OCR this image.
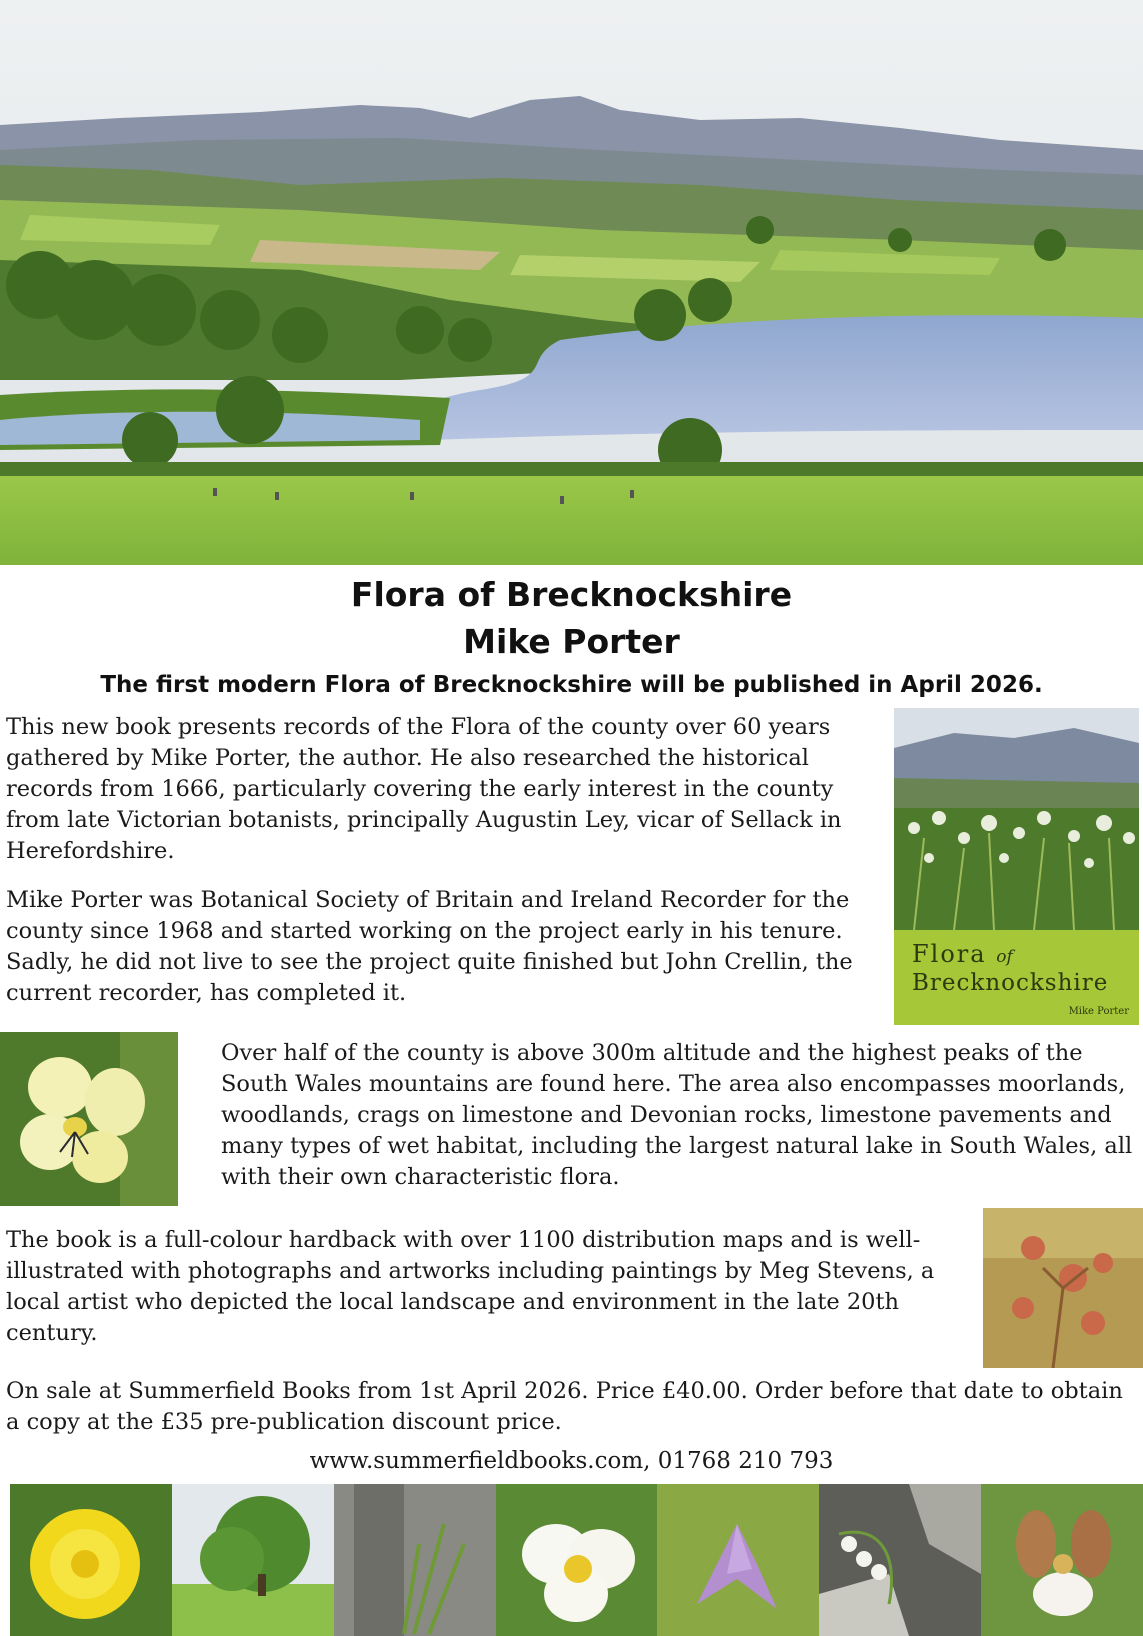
Flora of Brecknockshire
Mike Porter
The first modern Flora of Brecknockshire will be published in April 2026.

This new book presents records of the Flora of the county over 60 years gathered by Mike Porter, the author. He also researched the historical records from 1666, particularly covering the early interest in the county from late Victorian botanists, principally Augustin Ley, vicar of Sellack in Herefordshire.

Mike Porter was Botanical Society of Britain and Ireland Recorder for the county since 1968 and started working on the project early in his tenure. Sadly, he did not live to see the project quite finished but John Crellin, the current recorder, has completed it.

Over half of the county is above 300m altitude and the highest peaks of the South Wales mountains are found here. The area also encompasses moorlands, woodlands, crags on limestone and Devonian rocks, limestone pavements and many types of wet habitat, including the largest natural lake in South Wales, all with their own characteristic flora.

The book is a full-colour hardback with over 1100 distribution maps and is well-illustrated with photographs and artworks including paintings by Meg Stevens, a local artist who depicted the local landscape and environment in the late 20th century.

On sale at Summerfield Books from 1st April 2026. Price £40.00. Order before that date to obtain a copy at the £35 pre-publication discount price.

www.summerfieldbooks.com, 01768 210 793
Flora of
Brecknockshire
Mike Porter
